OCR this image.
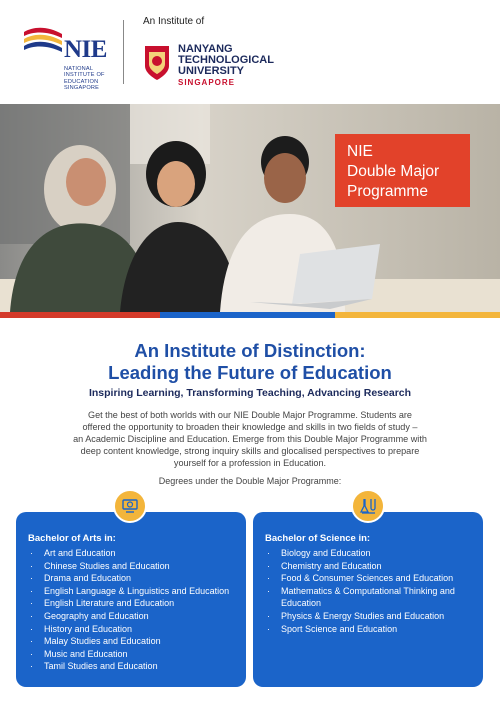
NIE
NATIONAL
INSTITUTE OF
EDUCATION
SINGAPORE
An Institute of
NANYANG
TECHNOLOGICAL
UNIVERSITY
SINGAPORE
NIE
Double Major
Programme
An Institute of Distinction:
Leading the Future of Education
Inspiring Learning, Transforming Teaching, Advancing Research
Get the best of both worlds with our NIE Double Major Programme. Students are
offered the opportunity to broaden their knowledge and skills in two fields of study –
an Academic Discipline and Education. Emerge from this Double Major Programme with
deep content knowledge, strong inquiry skills and glocalised perspectives to prepare
yourself for a profession in Education.
Degrees under the Double Major Programme:
Bachelor of Arts in:
· Art and Education
· Chinese Studies and Education
· Drama and Education
· English Language & Linguistics and Education
· English Literature and Education
· Geography and Education
· History and Education
· Malay Studies and Education
· Music and Education
· Tamil Studies and Education
Bachelor of Science in:
· Biology and Education
· Chemistry and Education
· Food & Consumer Sciences and Education
· Mathematics & Computational Thinking and Education
· Physics & Energy Studies and Education
· Sport Science and Education
